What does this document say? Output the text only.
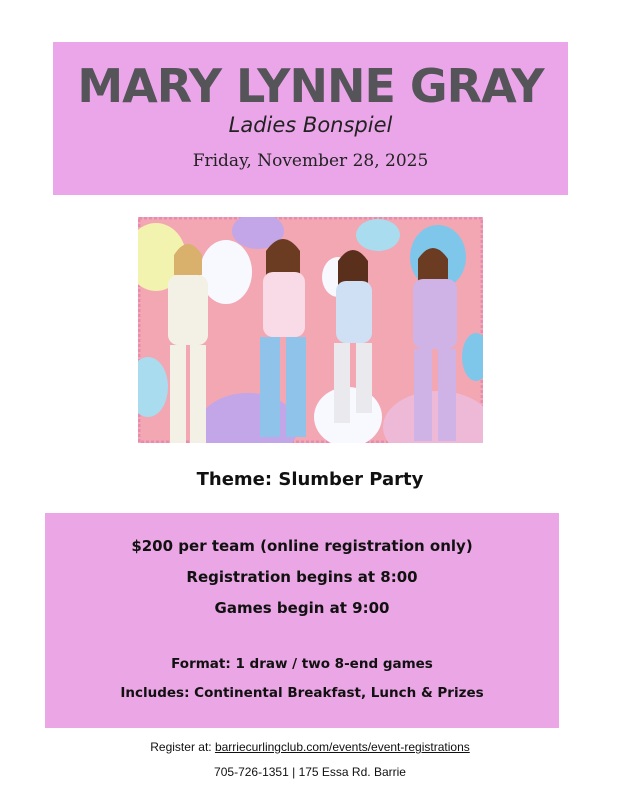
MARY LYNNE GRAY
Ladies Bonspiel
Friday, November 28, 2025
Theme: Slumber Party

$200 per team (online registration only)

Registration begins at 8:00

Games begin at 9:00

Format: 1 draw / two 8-end games

Includes: Continental Breakfast, Lunch & Prizes

Register at: barriecurlingclub.com/events/event-registrations
705-726-1351 | 175 Essa Rd. Barrie
